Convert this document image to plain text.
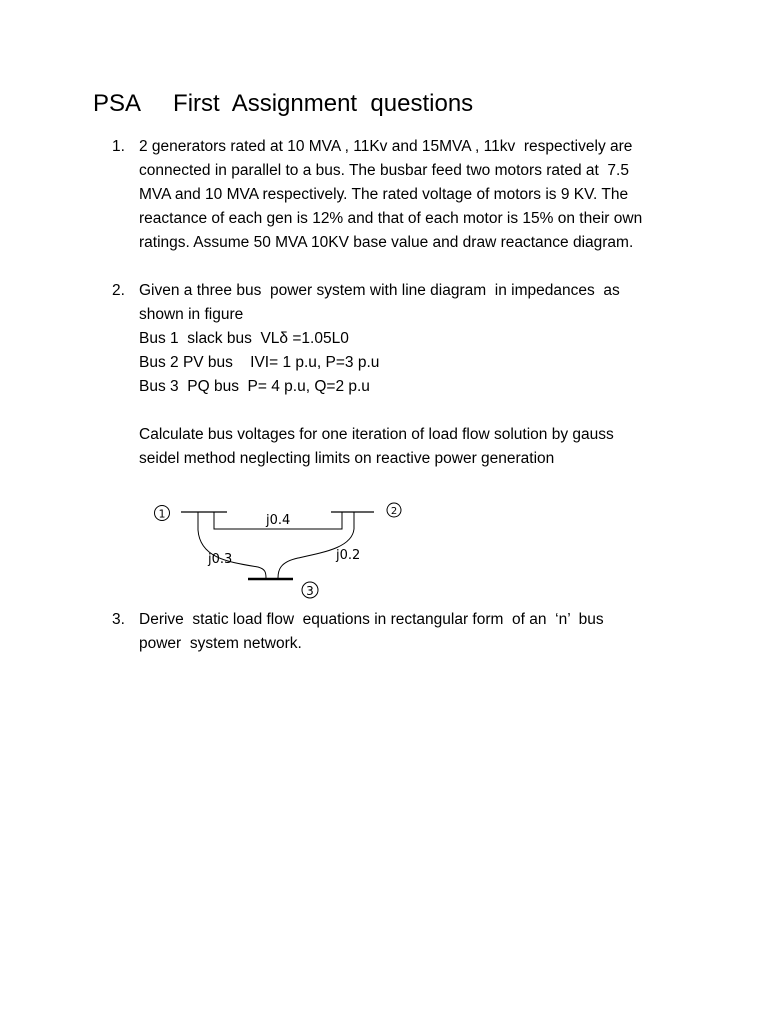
PSA     First  Assignment  questions
1. 2 generators rated at 10 MVA , 11Kv and 15MVA , 11kv  respectively are
connected in parallel to a bus. The busbar feed two motors rated at  7.5
MVA and 10 MVA respectively. The rated voltage of motors is 9 KV. The
reactance of each gen is 12% and that of each motor is 15% on their own
ratings. Assume 50 MVA 10KV base value and draw reactance diagram.
2. Given a three bus  power system with line diagram  in impedances  as
shown in figure
Bus 1  slack bus  VLδ =1.05L0
Bus 2 PV bus    IVI= 1 p.u, P=3 p.u
Bus 3  PQ bus  P= 4 p.u, Q=2 p.u
Calculate bus voltages for one iteration of load flow solution by gauss
seidel method neglecting limits on reactive power generation
1	2
j0.4
j0.3	j0.2
3
3. Derive  static load flow  equations in rectangular form  of an  ‘n’  bus
power  system network.
